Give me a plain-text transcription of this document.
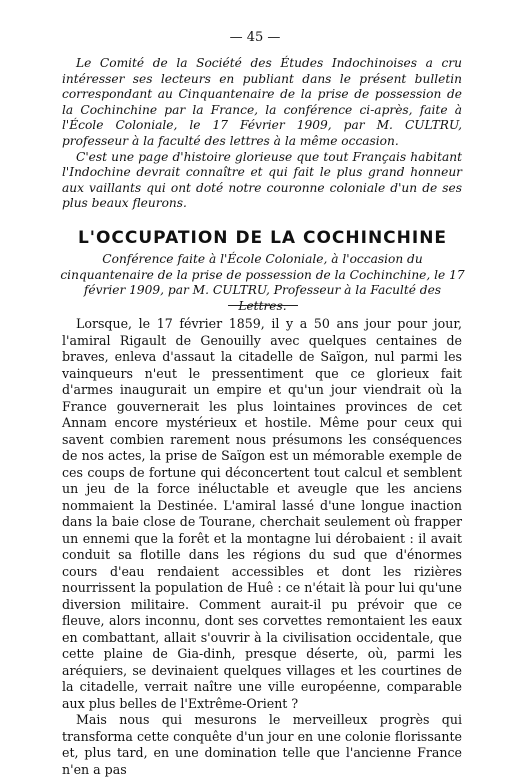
— 45 —

Le Comité de la Société des Études Indochinoises a cru intéresser ses lecteurs en publiant dans le présent bulletin correspondant au Cinquantenaire de la prise de possession de la Cochinchine par la France, la conférence ci-après, faite à l'École Coloniale, le 17 Février 1909, par M. CULTRU, professeur à la faculté des lettres à la même occasion.

C'est une page d'histoire glorieuse que tout Français habitant l'Indochine devrait connaître et qui fait le plus grand honneur aux vaillants qui ont doté notre couronne coloniale d'un de ses plus beaux fleurons.

L'OCCUPATION DE LA COCHINCHINE
Conférence faite à l'École Coloniale, à l'occasion du cinquantenaire de la prise de possession de la Cochinchine, le 17 février 1909, par M. CULTRU, Professeur à la Faculté des Lettres.

Lorsque, le 17 février 1859, il y a 50 ans jour pour jour, l'amiral Rigault de Genouilly avec quelques centaines de braves, enleva d'assaut la citadelle de Saïgon, nul parmi les vainqueurs n'eut le pressentiment que ce glorieux fait d'armes inaugurait un empire et qu'un jour viendrait où la France gouvernerait les plus lointaines provinces de cet Annam encore mystérieux et hostile. Même pour ceux qui savent combien rarement nous présumons les conséquences de nos actes, la prise de Saïgon est un mémorable exemple de ces coups de fortune qui déconcertent tout calcul et semblent un jeu de la force inéluctable et aveugle que les anciens nommaient la Destinée. L'amiral lassé d'une longue inaction dans la baie close de Tourane, cherchait seulement où frapper un ennemi que la forêt et la montagne lui dérobaient : il avait conduit sa flotille dans les régions du sud que d'énormes cours d'eau rendaient accessibles et dont les rizières nourrissent la population de Huê : ce n'était là pour lui qu'une diversion militaire. Comment aurait-il pu prévoir que ce fleuve, alors inconnu, dont ses corvettes remontaient les eaux en combattant, allait s'ouvrir à la civilisation occidentale, que cette plaine de Gia-dinh, presque déserte, où, parmi les aréquiers, se devinaient quelques villages et les courtines de la citadelle, verrait naître une ville européenne, comparable aux plus belles de l'Extrême-Orient ?

Mais nous qui mesurons le merveilleux progrès qui transforma cette conquête d'un jour en une colonie florissante et, plus tard, en une domination telle que l'ancienne France n'en a pas
